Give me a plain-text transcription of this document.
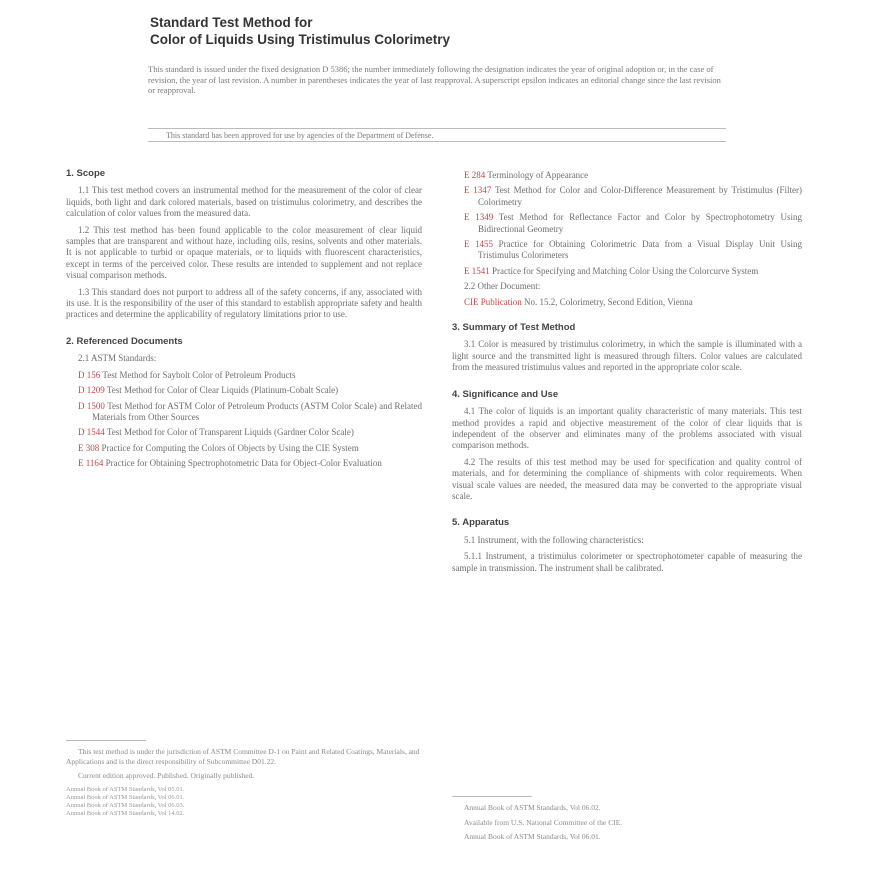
Standard Test Method for
Color of Liquids Using Tristimulus Colorimetry
This standard is issued under the fixed designation D 5386; the number immediately following the designation indicates the year of original adoption or, in the case of revision, the year of last revision. A number in parentheses indicates the year of last reapproval. A superscript epsilon indicates an editorial change since the last revision or reapproval.
This standard has been approved for use by agencies of the Department of Defense.
1. Scope

1.1 This test method covers an instrumental method for the measurement of the color of clear liquids, both light and dark colored materials, based on tristimulus colorimetry, and describes the calculation of color values from the measured data.

1.2 This test method has been found applicable to the color measurement of clear liquid samples that are transparent and without haze, including oils, resins, solvents and other materials. It is not applicable to turbid or opaque materials, or to liquids with fluorescent characteristics, except in terms of the perceived color. These results are intended to supplement and not replace visual comparison methods.

1.3 This standard does not purport to address all of the safety concerns, if any, associated with its use. It is the responsibility of the user of this standard to establish appropriate safety and health practices and determine the applicability of regulatory limitations prior to use.

2. Referenced Documents

2.1 ASTM Standards:

D 156 Test Method for Saybolt Color of Petroleum Products
D 1209 Test Method for Color of Clear Liquids (Platinum-Cobalt Scale)
D 1500 Test Method for ASTM Color of Petroleum Products (ASTM Color Scale) and Related Materials from Other Sources
D 1544 Test Method for Color of Transparent Liquids (Gardner Color Scale)
E 308 Practice for Computing the Colors of Objects by Using the CIE System
E 1164 Practice for Obtaining Spectrophotometric Data for Object-Color Evaluation

This test method is under the jurisdiction of ASTM Committee D-1 on Paint and Related Coatings, Materials, and Applications and is the direct responsibility of Subcommittee D01.22.

Current edition approved. Published. Originally published.

Annual Book of ASTM Standards, Vol 05.01.
Annual Book of ASTM Standards, Vol 06.01.
Annual Book of ASTM Standards, Vol 06.03.
Annual Book of ASTM Standards, Vol 14.02.
E 284 Terminology of Appearance
E 1347 Test Method for Color and Color-Difference Measurement by Tristimulus (Filter) Colorimetry
E 1349 Test Method for Reflectance Factor and Color by Spectrophotometry Using Bidirectional Geometry
E 1455 Practice for Obtaining Colorimetric Data from a Visual Display Unit Using Tristimulus Colorimeters
E 1541 Practice for Specifying and Matching Color Using the Colorcurve System
2.2 Other Document:
CIE Publication No. 15.2, Colorimetry, Second Edition, Vienna
3. Summary of Test Method

3.1 Color is measured by tristimulus colorimetry, in which the sample is illuminated with a light source and the transmitted light is measured through filters. Color values are calculated from the measured tristimulus values and reported in the appropriate color scale.

4. Significance and Use

4.1 The color of liquids is an important quality characteristic of many materials. This test method provides a rapid and objective measurement of the color of clear liquids that is independent of the observer and eliminates many of the problems associated with visual comparison methods.

4.2 The results of this test method may be used for specification and quality control of materials, and for determining the compliance of shipments with color requirements. When visual scale values are needed, the measured data may be converted to the appropriate visual scale.

5. Apparatus

5.1 Instrument, with the following characteristics:

5.1.1 Instrument, a tristimulus colorimeter or spectrophotometer capable of measuring the sample in transmission. The instrument shall be calibrated.

Annual Book of ASTM Standards, Vol 06.02.

Available from U.S. National Committee of the CIE.

Annual Book of ASTM Standards, Vol 06.01.
